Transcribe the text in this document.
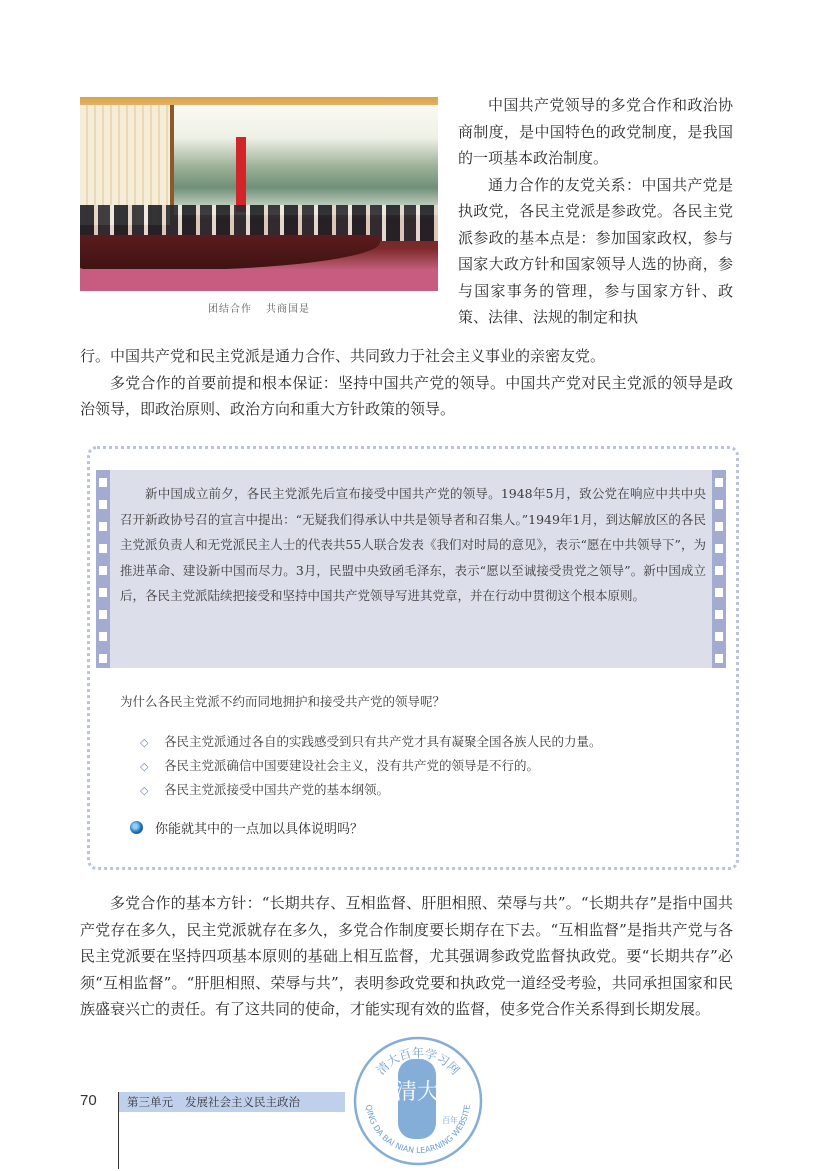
团结合作 共商国是

中国共产党领导的多党合作和政治协商制度，是中国特色的政党制度，是我国的一项基本政治制度。

通力合作的友党关系：中国共产党是执政党，各民主党派是参政党。各民主党派参政的基本点是：参加国家政权，参与国家大政方针和国家领导人选的协商，参与国家事务的管理，参与国家方针、政策、法律、法规的制定和执

行。中国共产党和民主党派是通力合作、共同致力于社会主义事业的亲密友党。

多党合作的首要前提和根本保证：坚持中国共产党的领导。中国共产党对民主党派的领导是政治领导，即政治原则、政治方向和重大方针政策的领导。

新中国成立前夕，各民主党派先后宣布接受中国共产党的领导。1948年5月，致公党在响应中共中央召开新政协号召的宣言中提出：“无疑我们得承认中共是领导者和召集人。”1949年1月，到达解放区的各民主党派负责人和无党派民主人士的代表共55人联合发表《我们对时局的意见》，表示“愿在中共领导下”，为推进革命、建设新中国而尽力。3月，民盟中央致函毛泽东，表示“愿以至诚接受贵党之领导”。新中国成立后，各民主党派陆续把接受和坚持中国共产党领导写进其党章，并在行动中贯彻这个根本原则。

为什么各民主党派不约而同地拥护和接受共产党的领导呢？
◇ 各民主党派通过各自的实践感受到只有共产党才具有凝聚全国各族人民的力量。
◇ 各民主党派确信中国要建设社会主义，没有共产党的领导是不行的。
◇ 各民主党派接受中国共产党的基本纲领。
你能就其中的一点加以具体说明吗？

多党合作的基本方针：“长期共存、互相监督、肝胆相照、荣辱与共”。“长期共存”是指中国共产党存在多久，民主党派就存在多久，多党合作制度要长期存在下去。“互相监督”是指共产党与各民主党派要在坚持四项基本原则的基础上相互监督，尤其强调参政党监督执政党。要“长期共存”必须“互相监督”。“肝胆相照、荣辱与共”，表明参政党要和执政党一道经受考验，共同承担国家和民族盛衰兴亡的责任。有了这共同的使命，才能实现有效的监督，使多党合作关系得到长期发展。

70	第三单元 发展社会主义民主政治	清大
百年
清大百年学习网
QING DA BAI NIAN LEARNING WEBSITE
